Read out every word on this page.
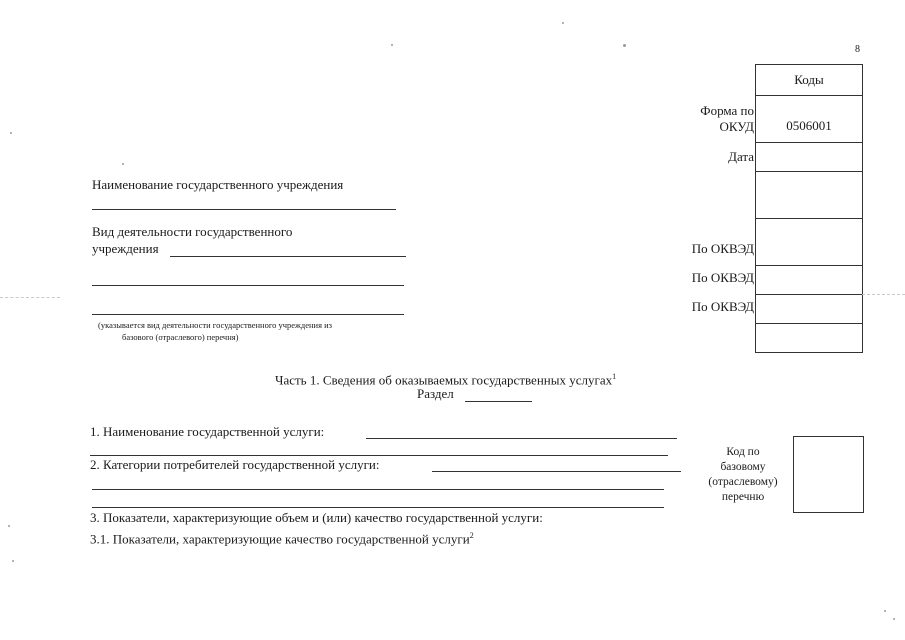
8
Коды
0506001
Форма по
ОКУД
Дата
По ОКВЭД
По ОКВЭД
По ОКВЭД
Наименование государственного учреждения
Вид деятельности государственного
учреждения
(указывается вид деятельности государственного учреждения из
базового (отраслевого) перечня)
Часть 1. Сведения об оказываемых государственных услугах$^1$
Раздел
1. Наименование государственной услуги:
2. Категории потребителей государственной услуги:
3. Показатели, характеризующие объем и (или) качество государственной услуги:
3.1. Показатели, характеризующие качество государственной услуги$^2$
Код по
базовому
(отраслевому)
перечню
